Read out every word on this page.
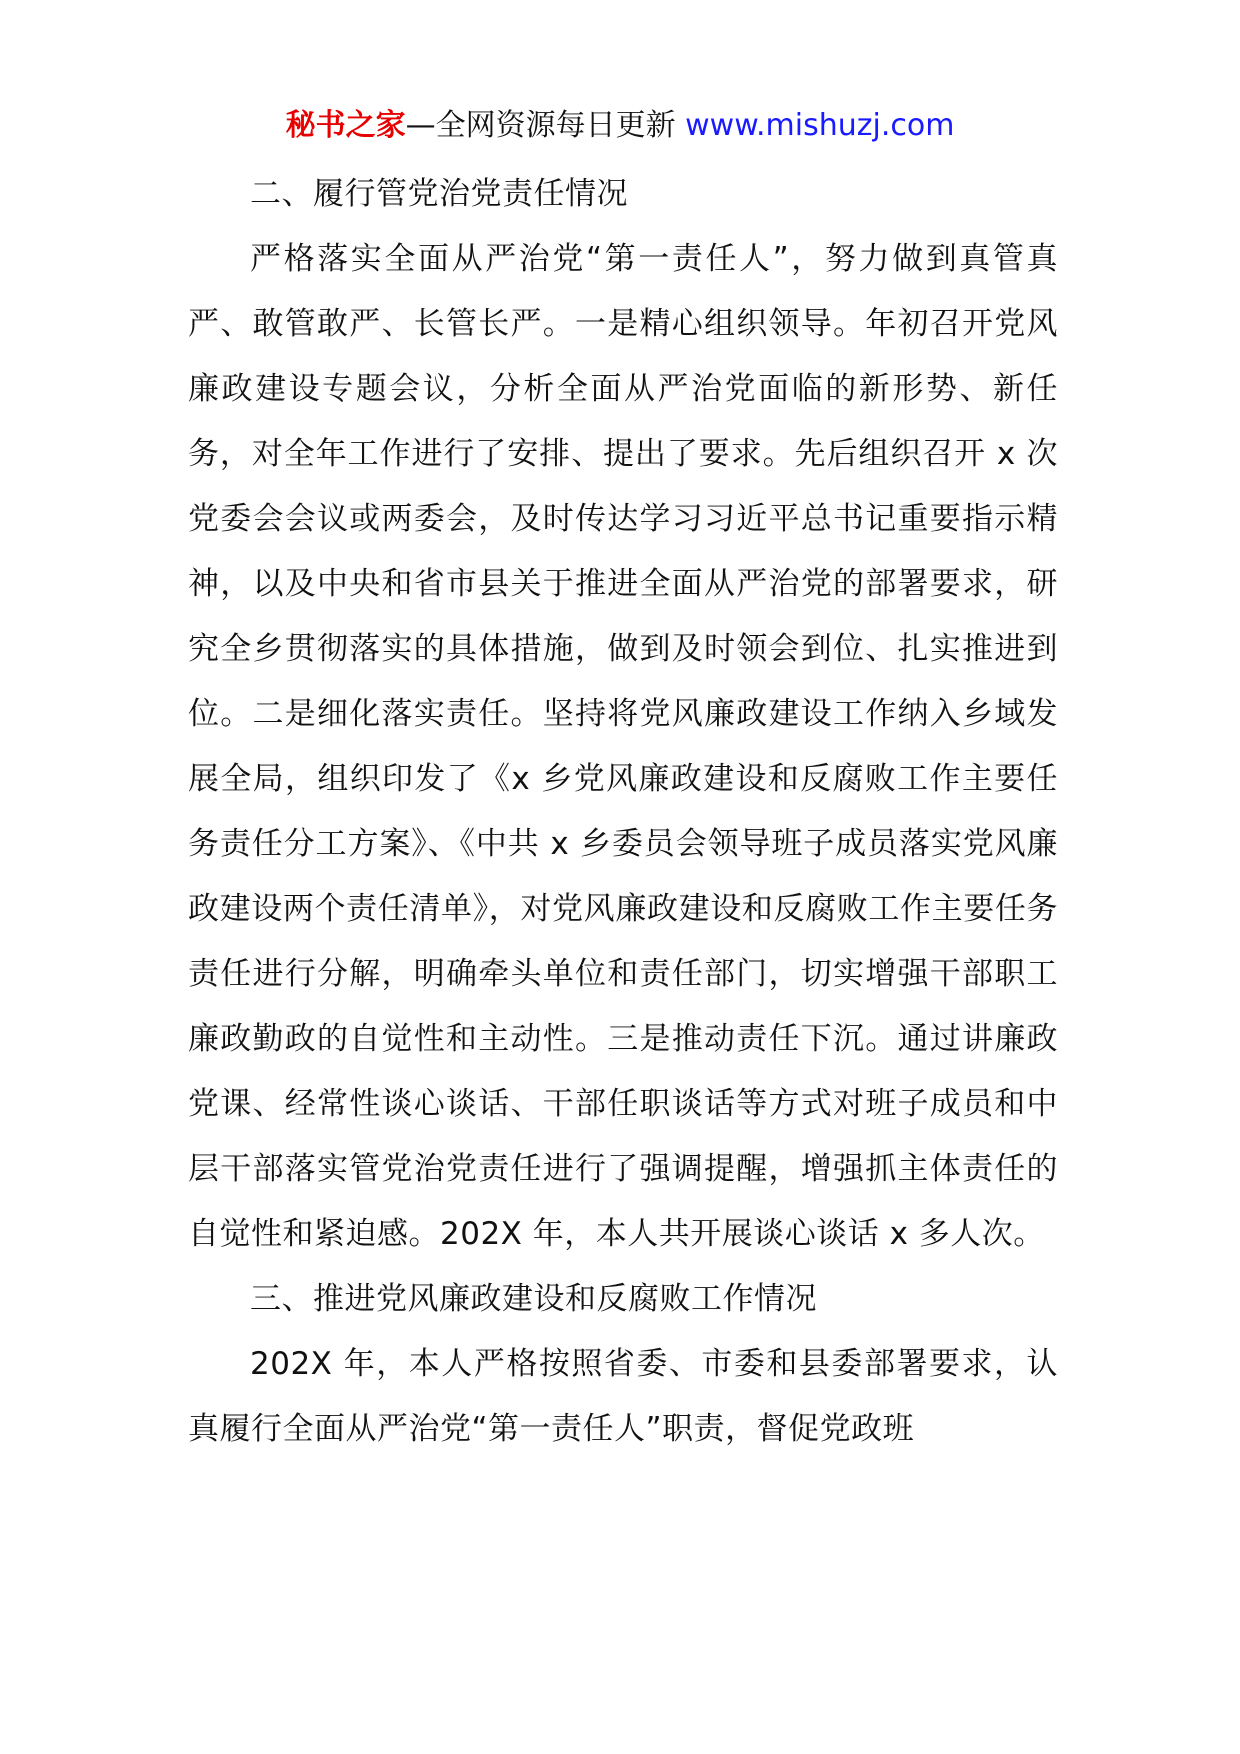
秘书之家—全网资源每日更新 www.mishuzj.com

二、履行管党治党责任情况

严格落实全面从严治党“第一责任人”，努力做到真管真严、敢管敢严、长管长严。一是精心组织领导。年初召开党风廉政建设专题会议，分析全面从严治党面临的新形势、新任务，对全年工作进行了安排、提出了要求。先后组织召开 x 次党委会会议或两委会，及时传达学习习近平总书记重要指示精神，以及中央和省市县关于推进全面从严治党的部署要求，研究全乡贯彻落实的具体措施，做到及时领会到位、扎实推进到位。二是细化落实责任。坚持将党风廉政建设工作纳入乡域发展全局，组织印发了《x 乡党风廉政建设和反腐败工作主要任务责任分工方案》、《中共 x 乡委员会领导班子成员落实党风廉政建设两个责任清单》，对党风廉政建设和反腐败工作主要任务责任进行分解，明确牵头单位和责任部门，切实增强干部职工廉政勤政的自觉性和主动性。三是推动责任下沉。通过讲廉政党课、经常性谈心谈话、干部任职谈话等方式对班子成员和中层干部落实管党治党责任进行了强调提醒，增强抓主体责任的自觉性和紧迫感。202X 年，本人共开展谈心谈话 x 多人次。

三、推进党风廉政建设和反腐败工作情况

202X 年，本人严格按照省委、市委和县委部署要求，认真履行全面从严治党“第一责任人”职责，督促党政班
